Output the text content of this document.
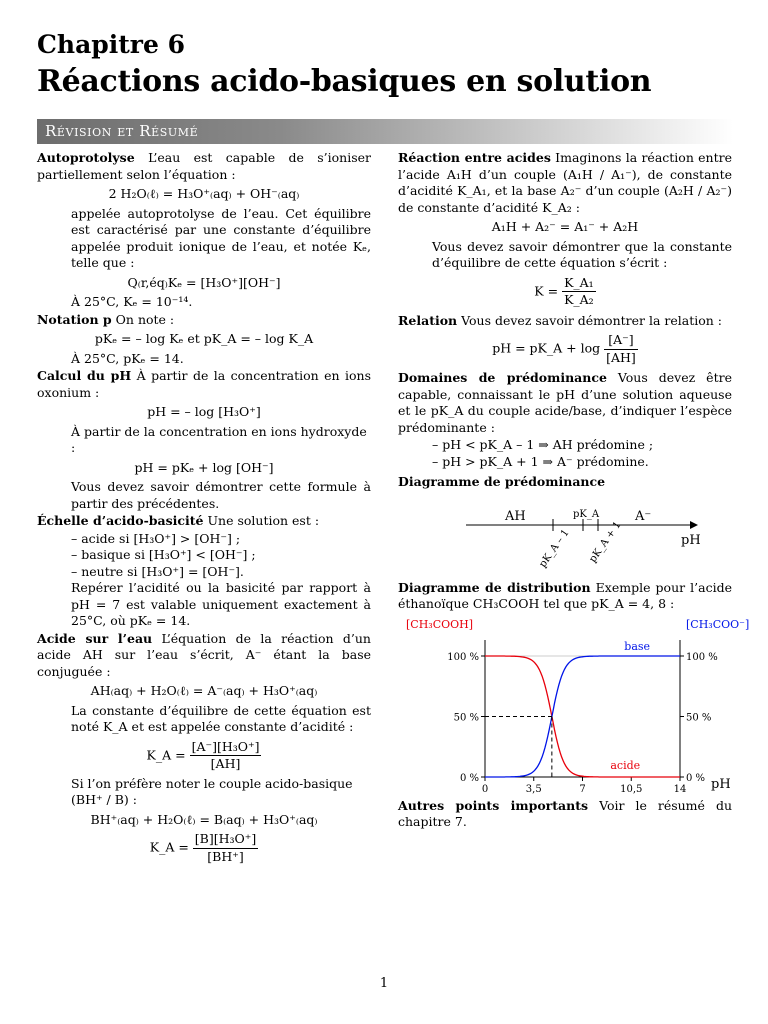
Chapitre 6
Réactions acido-basiques en solution
Révision et Résumé
Autoprotolyse L’eau est capable de s’ioniser partiellement selon l’équation :
2 H₂O₍ℓ₎ = H₃O⁺₍aq₎ + OH⁻₍aq₎
appelée autoprotolyse de l’eau. Cet équilibre est caractérisé par une constante d’équilibre appelée produit ionique de l’eau, et notée Kₑ, telle que :
Q₍r,éq₎Kₑ = [H₃O⁺][OH⁻]
À 25°C, Kₑ = 10⁻¹⁴.
Notation p On note :
pKₑ = – log Kₑ et pK_A = – log K_A
À 25°C, pKₑ = 14.
Calcul du pH À partir de la concentration en ions oxonium :
pH = – log [H₃O⁺]
À partir de la concentration en ions hydroxyde :
pH = pKₑ + log [OH⁻]
Vous devez savoir démontrer cette formule à partir des précédentes.
Échelle d’acido-basicité Une solution est :
– acide si [H₃O⁺] > [OH⁻] ;
– basique si [H₃O⁺] < [OH⁻] ;
– neutre si [H₃O⁺] = [OH⁻].
Repérer l’acidité ou la basicité par rapport à pH = 7 est valable uniquement exactement à 25°C, où pKₑ = 14.
Acide sur l’eau L’équation de la réaction d’un acide AH sur l’eau s’écrit, A⁻ étant la base conjuguée :
AH₍aq₎ + H₂O₍ℓ₎ = A⁻₍aq₎ + H₃O⁺₍aq₎
La constante d’équilibre de cette équation est noté K_A et est appelée constante d’acidité :
K_A = $\frac{\text{[A⁻][H₃O⁺]}}{[AH]}$
Si l’on préfère noter le couple acido-basique (BH⁺ / B) :
BH⁺₍aq₎ + H₂O₍ℓ₎ = B₍aq₎ + H₃O⁺₍aq₎
K_A = $\frac{\text{[B][H₃O⁺]}}{[BH^+]}$
Réaction entre acides Imaginons la réaction entre l’acide A₁H d’un couple (A₁H / A₁⁻), de constante d’acidité K_A₁, et la base A₂⁻ d’un couple (A₂H / A₂⁻) de constante d’acidité K_A₂ :
A₁H + A₂⁻ = A₁⁻ + A₂H
Vous devez savoir démontrer que la constante d’équilibre de cette équation s’écrit :
$K = \frac{\text{K\_A₁}}{\text{K\_A₂}}$
Relation Vous devez savoir démontrer la relation :
pH = pK_A + $\log \frac{[A^-]}{[AH]}$
Domaines de prédominance Vous devez être capable, connaissant le pH d’une solution aqueuse et le pK_A du couple acide/base, d’indiquer l’espèce prédominante :
– pH < pK_A – 1 ⇒ AH prédomine ;
– pH > pK_A + 1 ⇒ A⁻ prédomine.
Diagramme de prédominance
AH	pK_A	A⁻
pH
pK_A – 1 pK_A + 1
Diagramme de distribution Exemple pour l’acide éthanoïque CH₃COOH tel que pK_A = 4, 8 :
[CH₃COOH]	[CH₃COO⁻]
pH
0 %	0 %
50 %	50 %
100 %	100 %
0	3,5	7	10,5	14
base
acide
Autres points importants Voir le résumé du chapitre 7.
1
